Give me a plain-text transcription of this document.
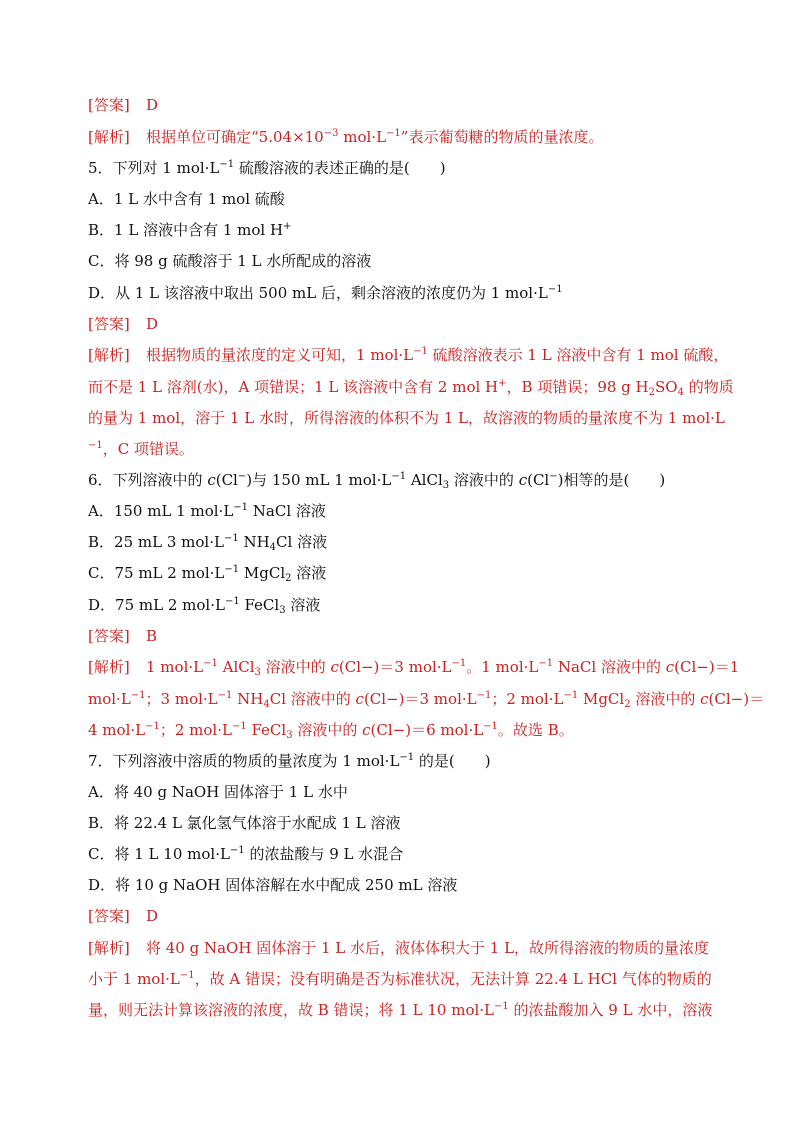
[答案] D
[解析] 根据单位可确定“$5.04\times 10^{-3}$ $mol\cdot L^{-1}$”表示葡萄糖的物质的量浓度。
5．下列对 1 $mol\cdot L^{-1}$ 硫酸溶液的表述正确的是(　　)
A．1 L 水中含有 1 mol 硫酸
B．1 L 溶液中含有 1 mol H+
C．将 98 g 硫酸溶于 1 L 水所配成的溶液
D．从 1 L 该溶液中取出 500 mL 后，剩余溶液的浓度仍为 1 $mol\cdot L^{-1}$
[答案] D
[解析] 根据物质的量浓度的定义可知，1 $mol\cdot L^{-1}$ 硫酸溶液表示 1 L 溶液中含有 1 mol 硫酸，
而不是 1 L 溶剂(水)，A 项错误；1 L 该溶液中含有 2 mol H+，B 项错误；98 g $H_2SO_4$ 的物质
的量为 1 mol，溶于 1 L 水时，所得溶液的体积不为 1 L，故溶液的物质的量浓度不为 1 mol·L
$^{-1}$，C 项错误。
6．下列溶液中的 c(Cl−)与 150 mL 1 $mol\cdot L^{-1}$ AlCl$_3$ 溶液中的 c(Cl−)相等的是(　　)
A．150 mL 1 $mol\cdot L^{-1}$ NaCl 溶液
B．25 mL 3 $mol\cdot L^{-1}$ $NH_4Cl$ 溶液
C．75 mL 2 $mol\cdot L^{-1}$ MgCl$_2$ 溶液
D．75 mL 2 $mol\cdot L^{-1}$ FeCl$_3$ 溶液
[答案] B
[解析] 1 $mol\cdot L^{-1}$ AlCl$_3$ 溶液中的 c(Cl−)＝3 $mol\cdot L^{-1}$。1 $mol\cdot L^{-1}$ NaCl 溶液中的 c(Cl−)＝1
$mol\cdot L^{-1}$；3 $mol\cdot L^{-1}$ $NH_4Cl$ 溶液中的 c(Cl−)＝3 $mol\cdot L^{-1}$；2 $mol\cdot L^{-1}$ MgCl$_2$ 溶液中的 c(Cl−)＝
4 $mol\cdot L^{-1}$；2 $mol\cdot L^{-1}$ FeCl$_3$ 溶液中的 c(Cl−)＝6 $mol\cdot L^{-1}$。故选 B。
7．下列溶液中溶质的物质的量浓度为 1 $mol\cdot L^{-1}$ 的是(　　)
A．将 40 g NaOH 固体溶于 1 L 水中
B．将 22.4 L 氯化氢气体溶于水配成 1 L 溶液
C．将 1 L 10 $mol\cdot L^{-1}$ 的浓盐酸与 9 L 水混合
D．将 10 g NaOH 固体溶解在水中配成 250 mL 溶液
[答案] D
[解析] 将 40 g NaOH 固体溶于 1 L 水后，液体体积大于 1 L，故所得溶液的物质的量浓度
小于 1 $mol\cdot L^{-1}$，故 A 错误；没有明确是否为标准状况，无法计算 22.4 L HCl 气体的物质的
量，则无法计算该溶液的浓度，故 B 错误；将 1 L 10 $mol\cdot L^{-1}$ 的浓盐酸加入 9 L 水中，溶液
